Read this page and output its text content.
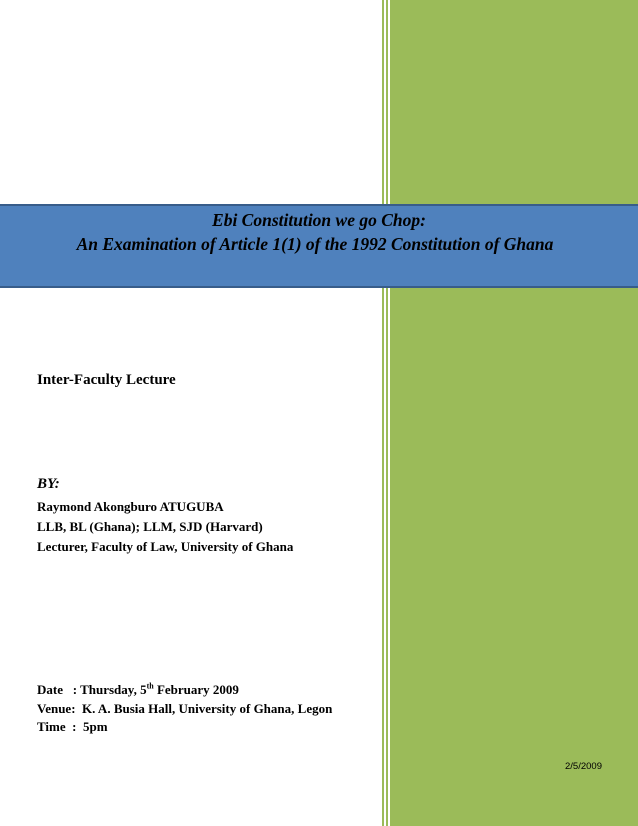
Ebi Constitution we go Chop:
An Examination of Article 1(1) of the 1992 Constitution of Ghana
Inter-Faculty Lecture
BY:
Raymond Akongburo ATUGUBA
LLB, BL (Ghana); LLM, SJD (Harvard)
Lecturer, Faculty of Law, University of Ghana
Date   : Thursday, 5th February 2009
Venue:  K. A. Busia Hall, University of Ghana, Legon
Time  :  5pm
2/5/2009
